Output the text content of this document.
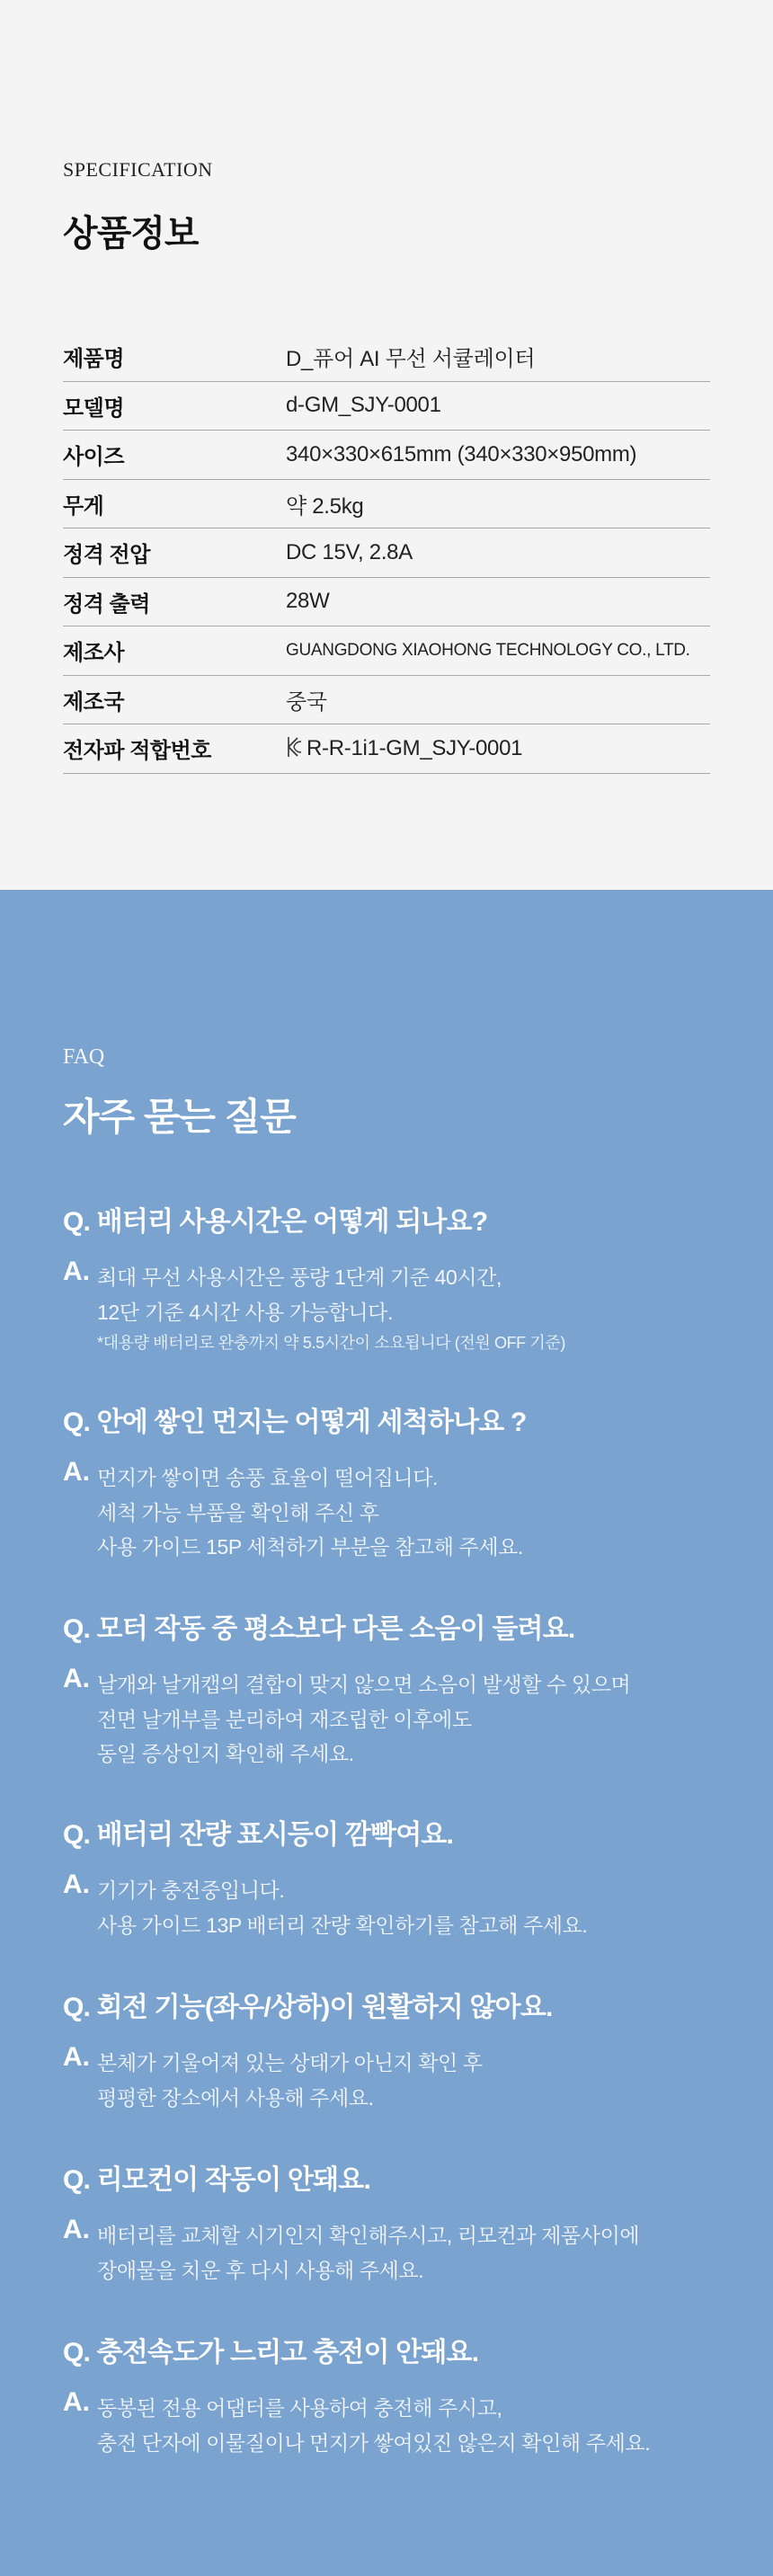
SPECIFICATION
상품정보
제품명	D_퓨어 AI 무선 서큘레이터
모델명	d-GM_SJY-0001
사이즈	340×330×615mm (340×330×950mm)
무게	약 2.5kg
정격 전압	DC 15V, 2.8A
정격 출력	28W
제조사	GUANGDONG XIAOHONG TECHNOLOGY CO., LTD.
제조국	중국
전자파 적합번호	R-R-1i1-GM_SJY-0001
FAQ
자주 묻는 질문
Q. 배터리 사용시간은 어떻게 되나요?
A. 최대 무선 사용시간은 풍량 1단계 기준 40시간,
12단 기준 4시간 사용 가능합니다.
*대용량 배터리로 완충까지 약 5.5시간이 소요됩니다 (전원 OFF 기준)
Q. 안에 쌓인 먼지는 어떻게 세척하나요 ?
A. 먼지가 쌓이면 송풍 효율이 떨어집니다.
세척 가능 부품을 확인해 주신 후
사용 가이드 15P 세척하기 부분을 참고해 주세요.
Q. 모터 작동 중 평소보다 다른 소음이 들려요.
A. 날개와 날개캡의 결합이 맞지 않으면 소음이 발생할 수 있으며
전면 날개부를 분리하여 재조립한 이후에도
동일 증상인지 확인해 주세요.
Q. 배터리 잔량 표시등이 깜빡여요.
A. 기기가 충전중입니다.
사용 가이드 13P 배터리 잔량 확인하기를 참고해 주세요.
Q. 회전 기능(좌우/상하)이 원활하지 않아요.
A. 본체가 기울어져 있는 상태가 아닌지 확인 후
평평한 장소에서 사용해 주세요.
Q. 리모컨이 작동이 안돼요.
A. 배터리를 교체할 시기인지 확인해주시고, 리모컨과 제품사이에
장애물을 치운 후 다시 사용해 주세요.
Q. 충전속도가 느리고 충전이 안돼요.
A. 동봉된 전용 어댑터를 사용하여 충전해 주시고,
충전 단자에 이물질이나 먼지가 쌓여있진 않은지 확인해 주세요.
